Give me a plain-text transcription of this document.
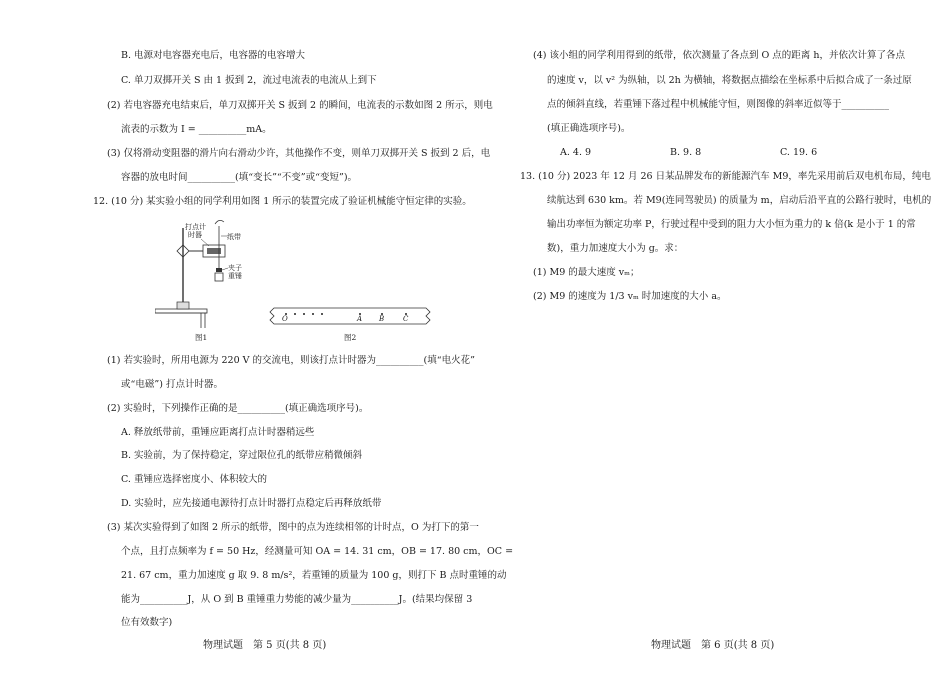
B. 电源对电容器充电后，电容器的电容增大
C. 单刀双掷开关 S 由 1 扳到 2，流过电流表的电流从上到下
(2) 若电容器充电结束后，单刀双掷开关 S 扳到 2 的瞬间，电流表的示数如图 2 所示，则电
流表的示数为 I = __________mA。
(3) 仅将滑动变阻器的滑片向右滑动少许，其他操作不变，则单刀双掷开关 S 扳到 2 后，电
容器的放电时间__________(填“变长”“不变”或“变短”)。
12. (10 分) 某实验小组的同学利用如图 1 所示的装置完成了验证机械能守恒定律的实验。
打点计
时器	纸带
夹子
重锤
图1
O	A B	C
图2
(1) 若实验时，所用电源为 220 V 的交流电，则该打点计时器为__________(填“电火花”
或“电磁”) 打点计时器。
(2) 实验时，下列操作正确的是__________(填正确选项序号)。
A. 释放纸带前，重锤应距离打点计时器稍远些
B. 实验前，为了保持稳定，穿过限位孔的纸带应稍微倾斜
C. 重锤应选择密度小、体积较大的
D. 实验时，应先接通电源待打点计时器打点稳定后再释放纸带
(3) 某次实验得到了如图 2 所示的纸带，图中的点为连续相邻的计时点，O 为打下的第一
个点，且打点频率为 f = 50 Hz，经测量可知 OA = 14. 31 cm，OB = 17. 80 cm，OC =
21. 67 cm，重力加速度 g 取 9. 8 m/s²，若重锤的质量为 100 g，则打下 B 点时重锤的动
能为__________J，从 O 到 B 重锤重力势能的减少量为__________J。(结果均保留 3
位有效数字)
物理试题　第 5 页(共 8 页)
(4) 该小组的同学利用得到的纸带，依次测量了各点到 O 点的距离 h，并依次计算了各点
的速度 v，以 v² 为纵轴，以 2h 为横轴，将数据点描绘在坐标系中后拟合成了一条过原
点的倾斜直线，若重锤下落过程中机械能守恒，则图像的斜率近似等于__________
(填正确选项序号)。
A. 4. 9	B. 9. 8	C. 19. 6
13. (10 分) 2023 年 12 月 26 日某品牌发布的新能源汽车 M9，率先采用前后双电机布局，纯电
续航达到 630 km。若 M9(连同驾驶员) 的质量为 m，启动后沿平直的公路行驶时，电机的
输出功率恒为额定功率 P，行驶过程中受到的阻力大小恒为重力的 k 倍(k 是小于 1 的常
数)，重力加速度大小为 g。求：
(1) M9 的最大速度 vₘ；
(2) M9 的速度为 1/3 vₘ 时加速度的大小 a。
物理试题　第 6 页(共 8 页)
